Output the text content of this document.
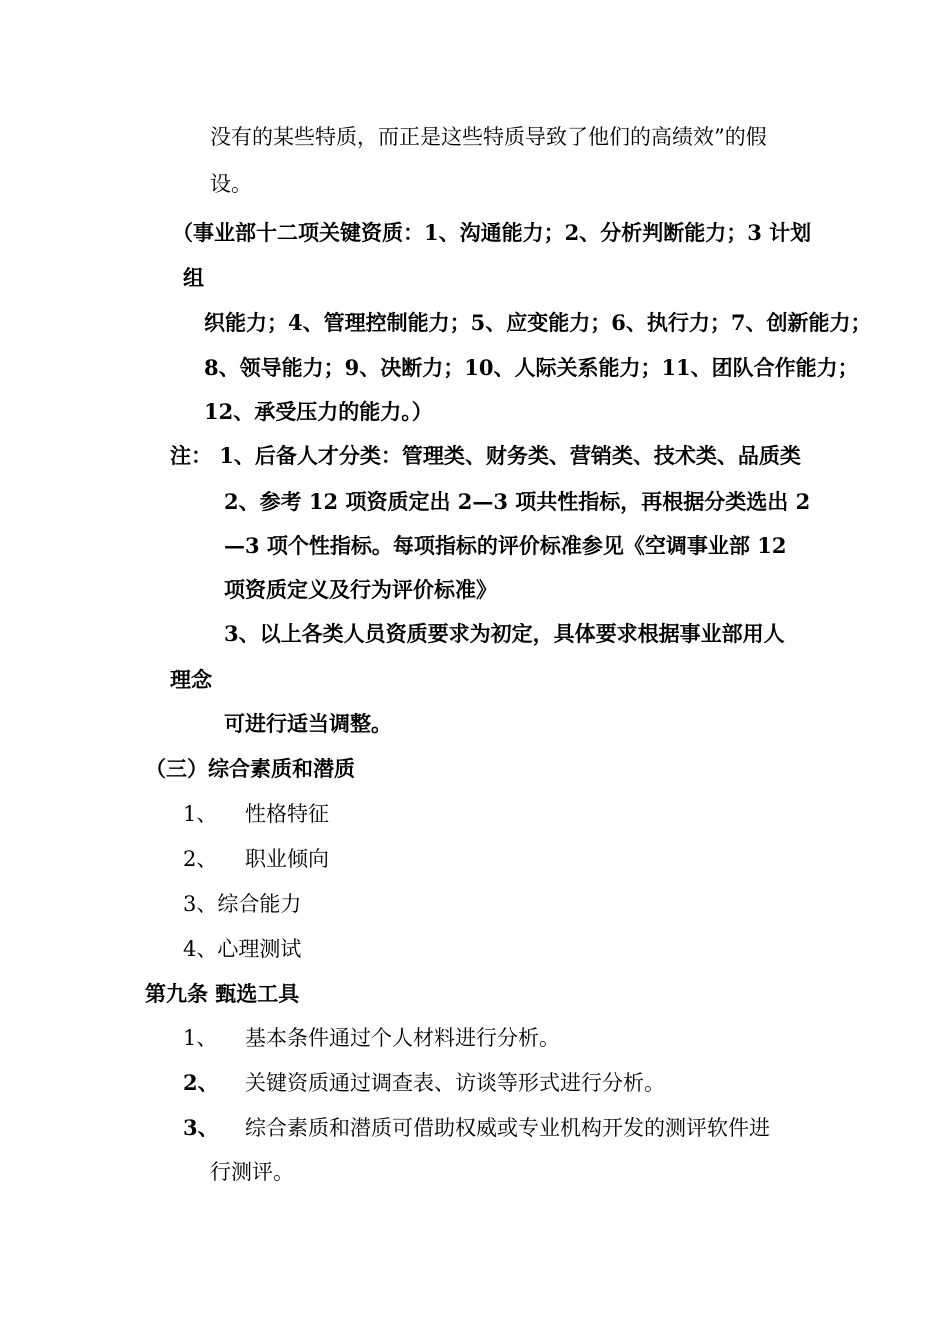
没有的某些特质，而正是这些特质导致了他们的高绩效”的假
设。
（事业部十二项关键资质：1、沟通能力；2、分析判断能力；3 计划
组
织能力；4、管理控制能力；5、应变能力；6、执行力；7、创新能力；
8、领导能力；9、决断力；10、人际关系能力；11、团队合作能力；
12、承受压力的能力。）
注： 1、后备人才分类：管理类、财务类、营销类、技术类、品质类
2、参考 12 项资质定出 2—3 项共性指标，再根据分类选出 2
—3 项个性指标。每项指标的评价标准参见《空调事业部 12
项资质定义及行为评价标准》
3、以上各类人员资质要求为初定，具体要求根据事业部用人
理念
可进行适当调整。
（三）综合素质和潜质
1、 性格特征
2、 职业倾向
3、综合能力
4、心理测试
第九条 甄选工具
1、 基本条件通过个人材料进行分析。
2、 关键资质通过调查表、访谈等形式进行分析。
3、 综合素质和潜质可借助权威或专业机构开发的测评软件进
行测评。
